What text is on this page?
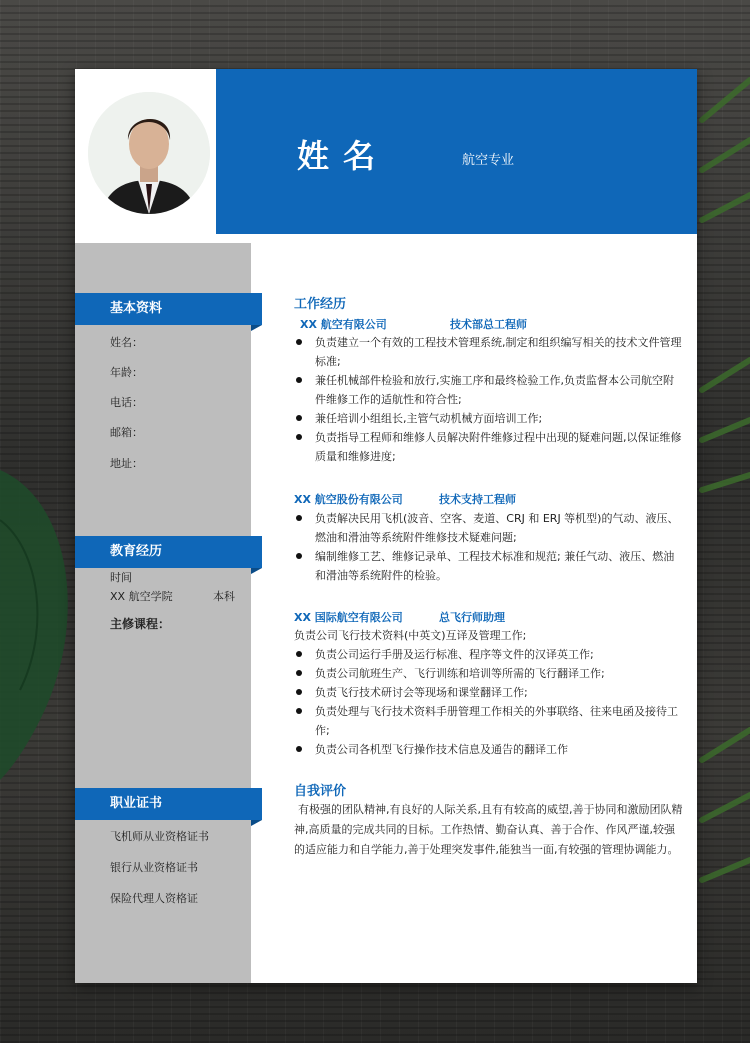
姓名	航空专业
基本资料
姓名：
年龄：
电话：
邮箱：
地址：
教育经历
时间
XX 航空学院	本科
主修课程：
职业证书
飞机师从业资格证书
银行从业资格证书
保险代理人资格证
工作经历
XX 航空有限公司	技术部总工程师
负责建立一个有效的工程技术管理系统,制定和组织编写相关的技术文件管理标准;
兼任机械部件检验和放行,实施工序和最终检验工作,负责监督本公司航空附件维修工作的适航性和符合性;
兼任培训小组组长,主管气动机械方面培训工作;
负责指导工程师和维修人员解决附件维修过程中出现的疑难问题,以保证维修质量和维修进度;
XX 航空股份有限公司	技术支持工程师
负责解决民用飞机(波音、空客、麦道、CRJ 和 ERJ 等机型)的气动、液压、燃油和滑油等系统附件维修技术疑难问题;
编制维修工艺、维修记录单、工程技术标准和规范; 兼任气动、液压、燃油和滑油等系统附件的检验。
XX 国际航空有限公司	总飞行师助理
负责公司飞行技术资料(中英文)互译及管理工作;
负责公司运行手册及运行标准、程序等文件的汉译英工作;
负责公司航班生产、飞行训练和培训等所需的飞行翻译工作;
负责飞行技术研讨会等现场和课堂翻译工作;
负责处理与飞行技术资料手册管理工作相关的外事联络、往来电函及接待工作;
负责公司各机型飞行操作技术信息及通告的翻译工作
自我评价
有极强的团队精神,有良好的人际关系,且有有较高的威望,善于协同和激励团队精神,高质量的完成共同的目标。工作热情、勤奋认真、善于合作、作风严谨,较强的适应能力和自学能力,善于处理突发事件,能独当一面,有较强的管理协调能力。
